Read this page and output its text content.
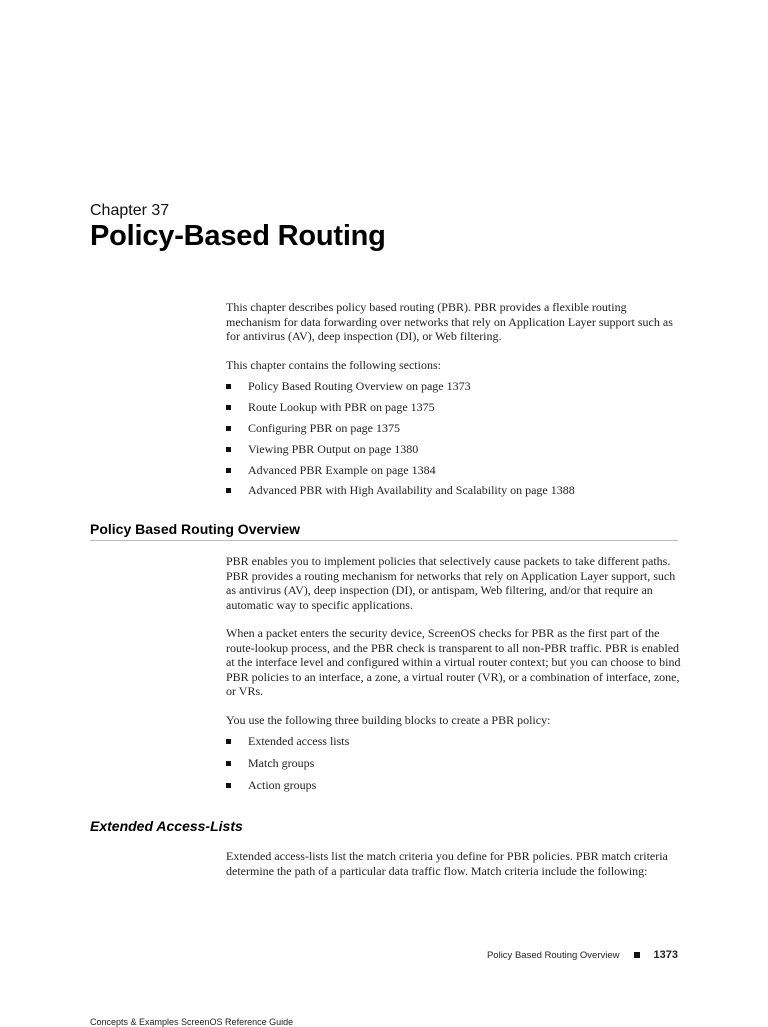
Chapter 37
Policy-Based Routing

This chapter describes policy based routing (PBR). PBR provides a flexible routing mechanism for data forwarding over networks that rely on Application Layer support such as for antivirus (AV), deep inspection (DI), or Web filtering.

This chapter contains the following sections:

Policy Based Routing Overview on page 1373
Route Lookup with PBR on page 1375
Configuring PBR on page 1375
Viewing PBR Output on page 1380
Advanced PBR Example on page 1384
Advanced PBR with High Availability and Scalability on page 1388
Policy Based Routing Overview

PBR enables you to implement policies that selectively cause packets to take different paths. PBR provides a routing mechanism for networks that rely on Application Layer support, such as antivirus (AV), deep inspection (DI), or antispam, Web filtering, and/or that require an automatic way to specific applications.

When a packet enters the security device, ScreenOS checks for PBR as the first part of the route-lookup process, and the PBR check is transparent to all non-PBR traffic. PBR is enabled at the interface level and configured within a virtual router context; but you can choose to bind PBR policies to an interface, a zone, a virtual router (VR), or a combination of interface, zone, or VRs.

You use the following three building blocks to create a PBR policy:

Extended access lists
Match groups
Action groups
Extended Access-Lists

Extended access-lists list the match criteria you define for PBR policies. PBR match criteria determine the path of a particular data traffic flow. Match criteria include the following:

Policy Based Routing Overview	1373
Concepts & Examples ScreenOS Reference Guide
